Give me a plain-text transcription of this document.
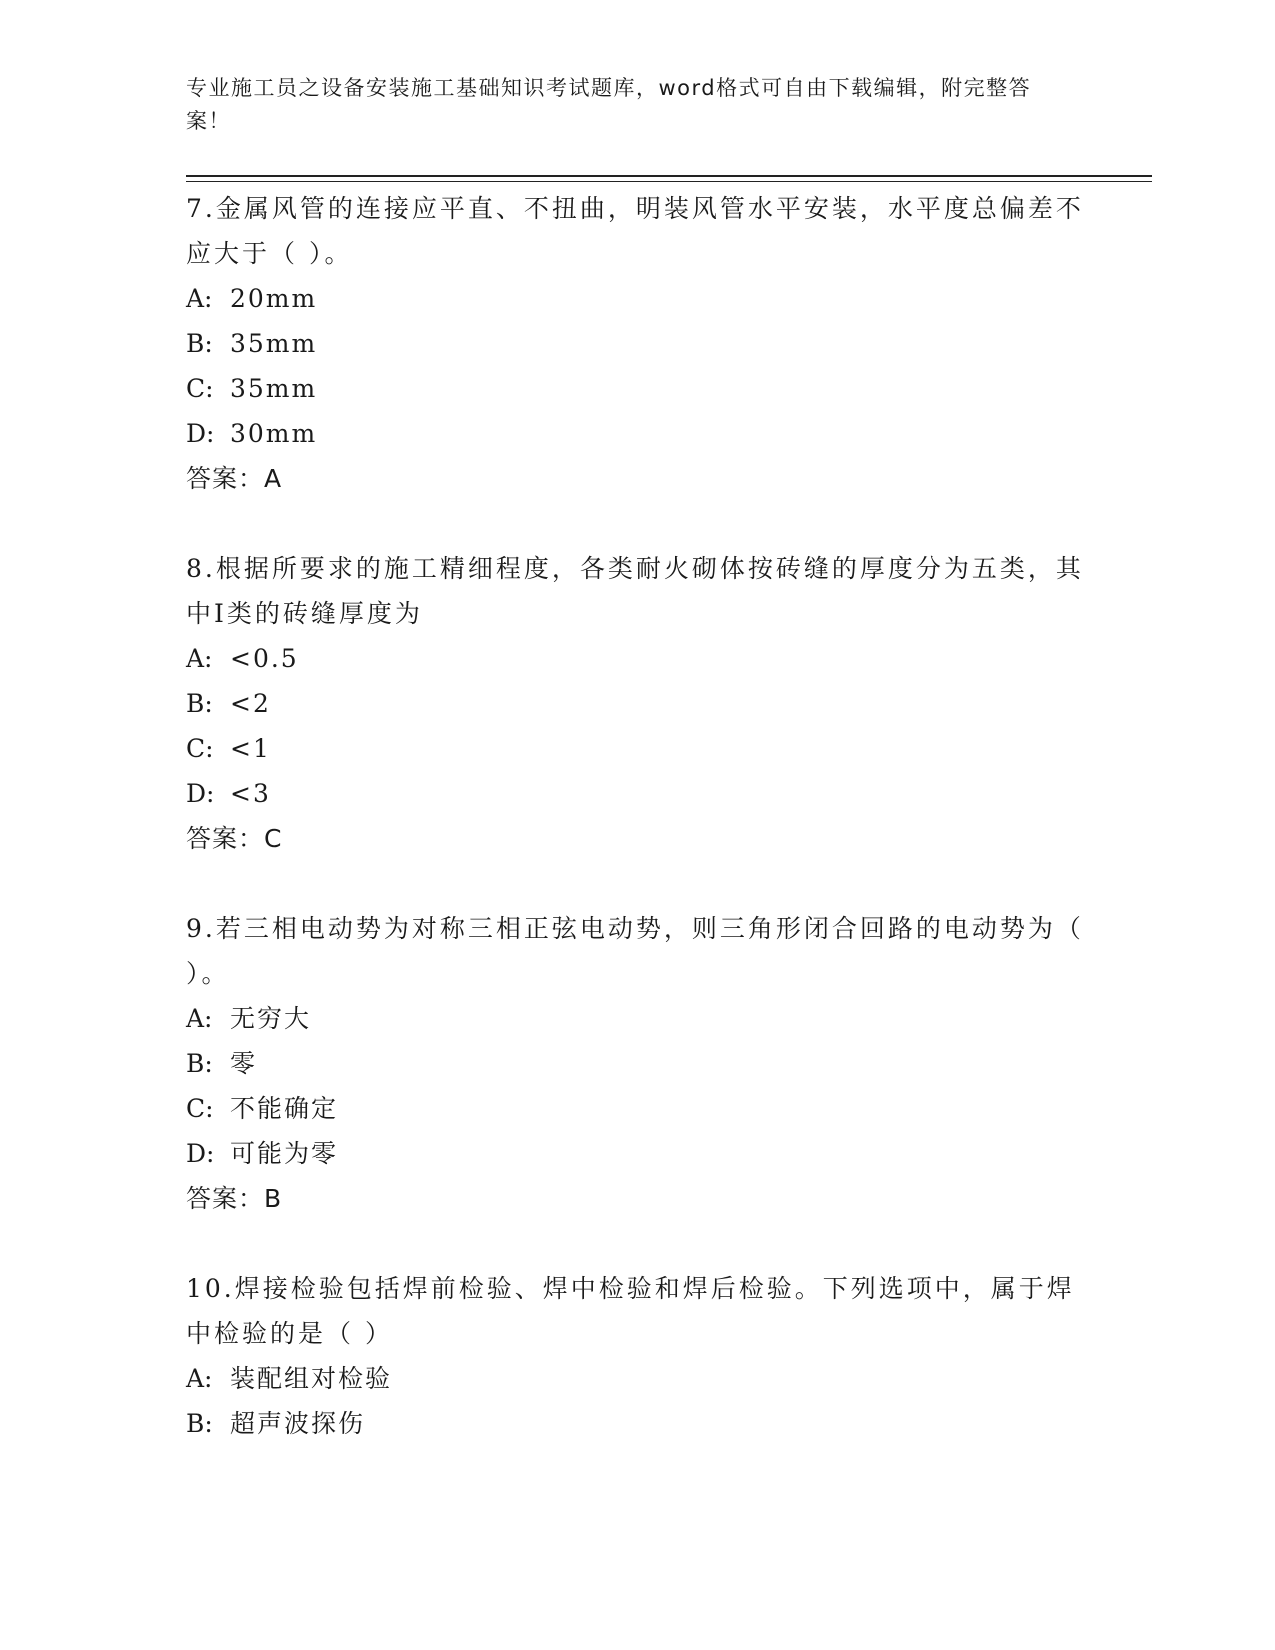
专业施工员之设备安装施工基础知识考试题库，word格式可自由下载编辑，附完整答案！

7.金属风管的连接应平直、不扭曲，明装风管水平安装，水平度总偏差不应大于（ ）。

A: 20mm
B: 35mm
C: 35mm
D: 30mm
答案：A

8.根据所要求的施工精细程度，各类耐火砌体按砖缝的厚度分为五类，其中Ⅰ类的砖缝厚度为

A: <0.5
B: <2
C: <1
D: <3
答案：C

9.若三相电动势为对称三相正弦电动势，则三角形闭合回路的电动势为（ ）。

A: 无穷大
B: 零
C: 不能确定
D: 可能为零
答案：B

10.焊接检验包括焊前检验、焊中检验和焊后检验。下列选项中，属于焊中检验的是（ ）

A: 装配组对检验
B: 超声波探伤
